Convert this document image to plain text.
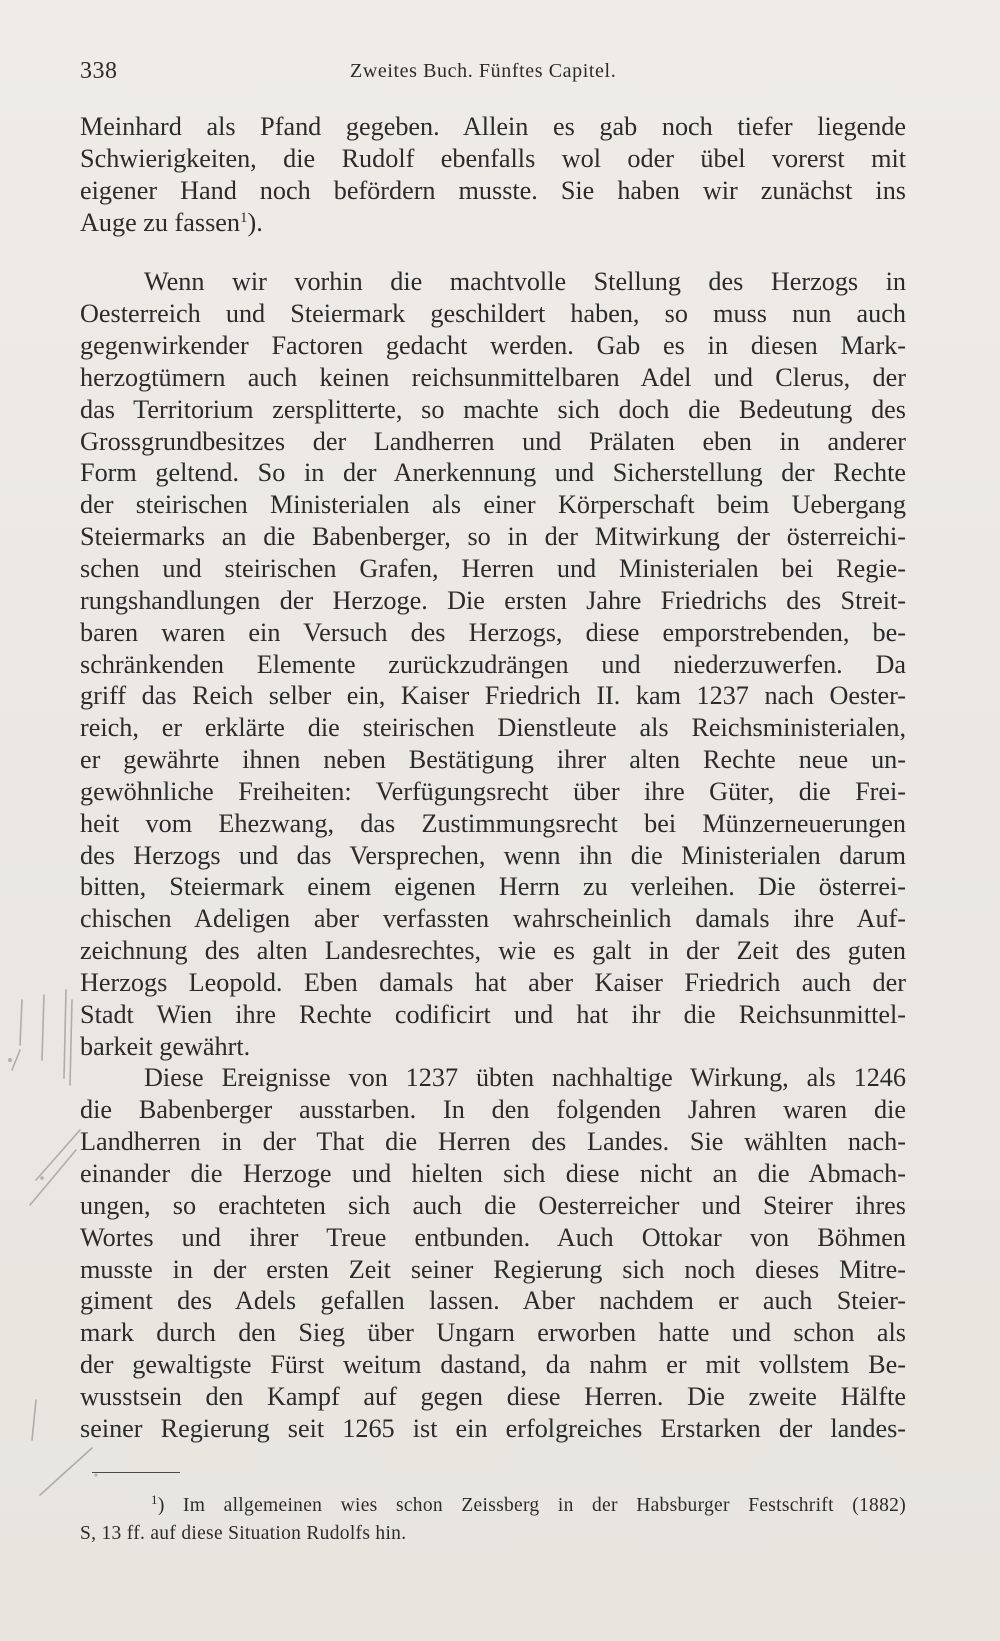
338	Zweites Buch. Fünftes Capitel.
Meinhard als Pfand gegeben. Allein es gab noch tiefer liegende
Schwierigkeiten, die Rudolf ebenfalls wol oder übel vorerst mit
eigener Hand noch befördern musste. Sie haben wir zunächst ins
Auge zu fassen$^1$).
Wenn wir vorhin die machtvolle Stellung des Herzogs in
Oesterreich und Steiermark geschildert haben, so muss nun auch
gegenwirkender Factoren gedacht werden. Gab es in diesen Mark-
herzogtümern auch keinen reichsunmittelbaren Adel und Clerus, der
das Territorium zersplitterte, so machte sich doch die Bedeutung des
Grossgrundbesitzes der Landherren und Prälaten eben in anderer
Form geltend. So in der Anerkennung und Sicherstellung der Rechte
der steirischen Ministerialen als einer Körperschaft beim Uebergang
Steiermarks an die Babenberger, so in der Mitwirkung der österreichi-
schen und steirischen Grafen, Herren und Ministerialen bei Regie-
rungshandlungen der Herzoge. Die ersten Jahre Friedrichs des Streit-
baren waren ein Versuch des Herzogs, diese emporstrebenden, be-
schränkenden Elemente zurückzudrängen und niederzuwerfen. Da
griff das Reich selber ein, Kaiser Friedrich II. kam 1237 nach Oester-
reich, er erklärte die steirischen Dienstleute als Reichsministerialen,
er gewährte ihnen neben Bestätigung ihrer alten Rechte neue un-
gewöhnliche Freiheiten: Verfügungsrecht über ihre Güter, die Frei-
heit vom Ehezwang, das Zustimmungsrecht bei Münzerneuerungen
des Herzogs und das Versprechen, wenn ihn die Ministerialen darum
bitten, Steiermark einem eigenen Herrn zu verleihen. Die österrei-
chischen Adeligen aber verfassten wahrscheinlich damals ihre Auf-
zeichnung des alten Landesrechtes, wie es galt in der Zeit des guten
Herzogs Leopold. Eben damals hat aber Kaiser Friedrich auch der
Stadt Wien ihre Rechte codificirt und hat ihr die Reichsunmittel-
barkeit gewährt.
Diese Ereignisse von 1237 übten nachhaltige Wirkung, als 1246
die Babenberger ausstarben. In den folgenden Jahren waren die
Landherren in der That die Herren des Landes. Sie wählten nach-
einander die Herzoge und hielten sich diese nicht an die Abmach-
ungen, so erachteten sich auch die Oesterreicher und Steirer ihres
Wortes und ihrer Treue entbunden. Auch Ottokar von Böhmen
musste in der ersten Zeit seiner Regierung sich noch dieses Mitre-
giment des Adels gefallen lassen. Aber nachdem er auch Steier-
mark durch den Sieg über Ungarn erworben hatte und schon als
der gewaltigste Fürst weitum dastand, da nahm er mit vollstem Be-
wusstsein den Kampf auf gegen diese Herren. Die zweite Hälfte
seiner Regierung seit 1265 ist ein erfolgreiches Erstarken der landes-
$^1$) Im allgemeinen wies schon Zeissberg in der Habsburger Festschrift (1882)
S, 13 ff. auf diese Situation Rudolfs hin.
